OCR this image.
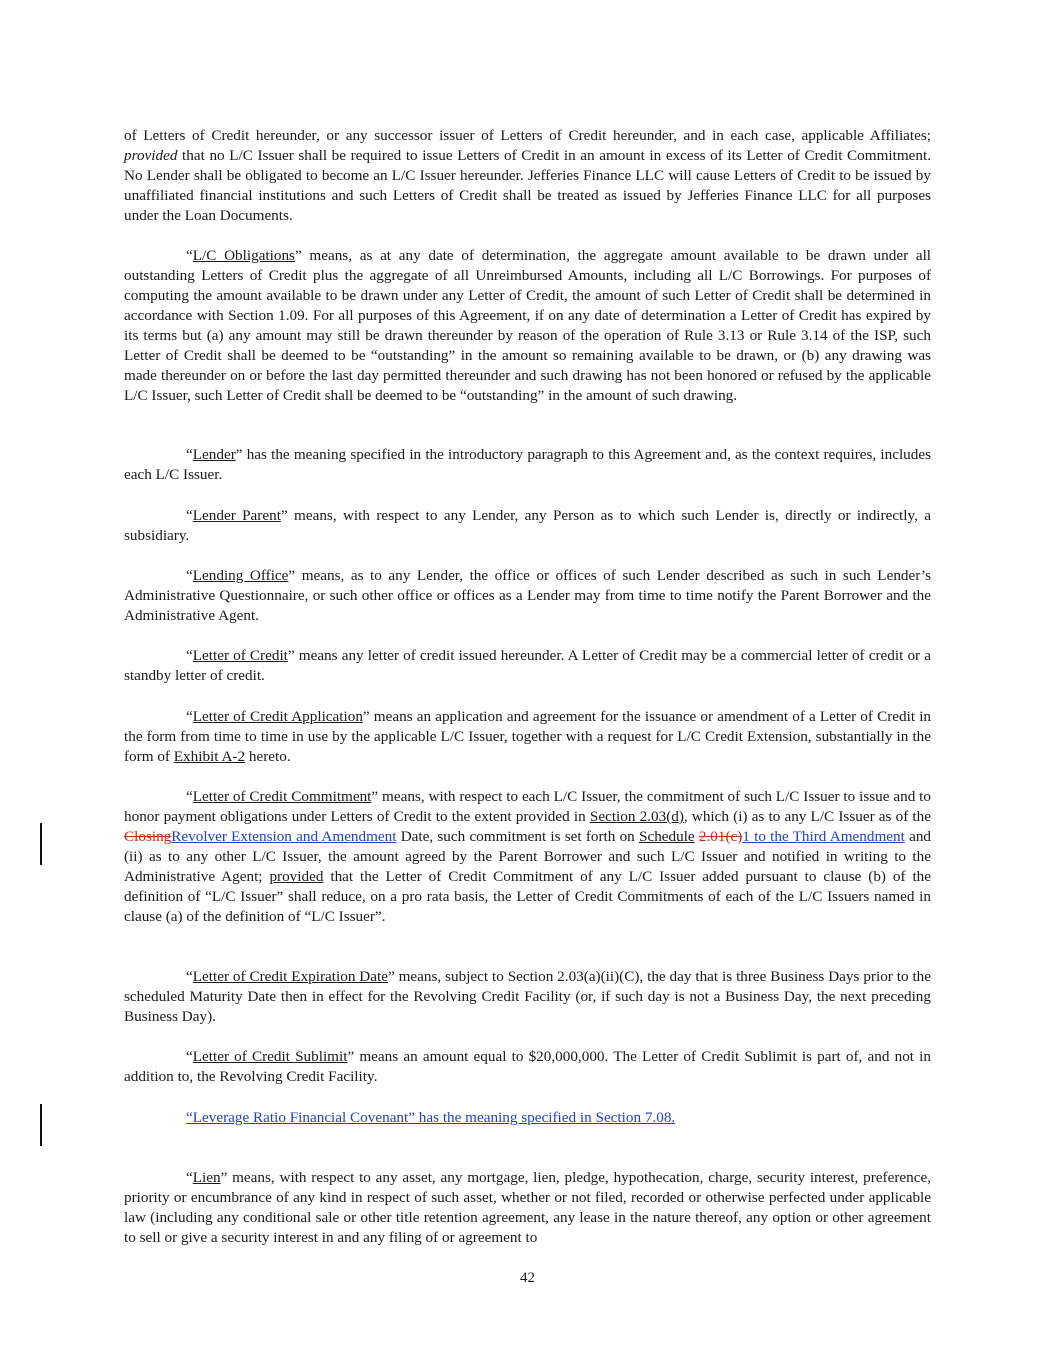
of Letters of Credit hereunder, or any successor issuer of Letters of Credit hereunder, and in each case, applicable Affiliates; provided that no L/C Issuer shall be required to issue Letters of Credit in an amount in excess of its Letter of Credit Commitment. No Lender shall be obligated to become an L/C Issuer hereunder. Jefferies Finance LLC will cause Letters of Credit to be issued by unaffiliated financial institutions and such Letters of Credit shall be treated as issued by Jefferies Finance LLC for all purposes under the Loan Documents.

“L/C Obligations” means, as at any date of determination, the aggregate amount available to be drawn under all outstanding Letters of Credit plus the aggregate of all Unreimbursed Amounts, including all L/C Borrowings. For purposes of computing the amount available to be drawn under any Letter of Credit, the amount of such Letter of Credit shall be determined in accordance with Section 1.09. For all purposes of this Agreement, if on any date of determination a Letter of Credit has expired by its terms but (a) any amount may still be drawn thereunder by reason of the operation of Rule 3.13 or Rule 3.14 of the ISP, such Letter of Credit shall be deemed to be “outstanding” in the amount so remaining available to be drawn, or (b) any drawing was made thereunder on or before the last day permitted thereunder and such drawing has not been honored or refused by the applicable L/C Issuer, such Letter of Credit shall be deemed to be “outstanding” in the amount of such drawing.

“Lender” has the meaning specified in the introductory paragraph to this Agreement and, as the context requires, includes each L/C Issuer.

“Lender Parent” means, with respect to any Lender, any Person as to which such Lender is, directly or indirectly, a subsidiary.

“Lending Office” means, as to any Lender, the office or offices of such Lender described as such in such Lender’s Administrative Questionnaire, or such other office or offices as a Lender may from time to time notify the Parent Borrower and the Administrative Agent.

“Letter of Credit” means any letter of credit issued hereunder. A Letter of Credit may be a commercial letter of credit or a standby letter of credit.

“Letter of Credit Application” means an application and agreement for the issuance or amendment of a Letter of Credit in the form from time to time in use by the applicable L/C Issuer, together with a request for L/C Credit Extension, substantially in the form of Exhibit A-2 hereto.

“Letter of Credit Commitment” means, with respect to each L/C Issuer, the commitment of such L/C Issuer to issue and to honor payment obligations under Letters of Credit to the extent provided in Section 2.03(d), which (i) as to any L/C Issuer as of the ClosingRevolver Extension and Amendment Date, such commitment is set forth on Schedule 2.01(c)1 to the Third Amendment and (ii) as to any other L/C Issuer, the amount agreed by the Parent Borrower and such L/C Issuer and notified in writing to the Administrative Agent; provided that the Letter of Credit Commitment of any L/C Issuer added pursuant to clause (b) of the definition of “L/C Issuer” shall reduce, on a pro rata basis, the Letter of Credit Commitments of each of the L/C Issuers named in clause (a) of the definition of “L/C Issuer”.

“Letter of Credit Expiration Date” means, subject to Section 2.03(a)(ii)(C), the day that is three Business Days prior to the scheduled Maturity Date then in effect for the Revolving Credit Facility (or, if such day is not a Business Day, the next preceding Business Day).

“Letter of Credit Sublimit” means an amount equal to $20,000,000. The Letter of Credit Sublimit is part of, and not in addition to, the Revolving Credit Facility.

“Leverage Ratio Financial Covenant” has the meaning specified in Section 7.08.

“Lien” means, with respect to any asset, any mortgage, lien, pledge, hypothecation, charge, security interest, preference, priority or encumbrance of any kind in respect of such asset, whether or not filed, recorded or otherwise perfected under applicable law (including any conditional sale or other title retention agreement, any lease in the nature thereof, any option or other agreement to sell or give a security interest in and any filing of or agreement to

42
